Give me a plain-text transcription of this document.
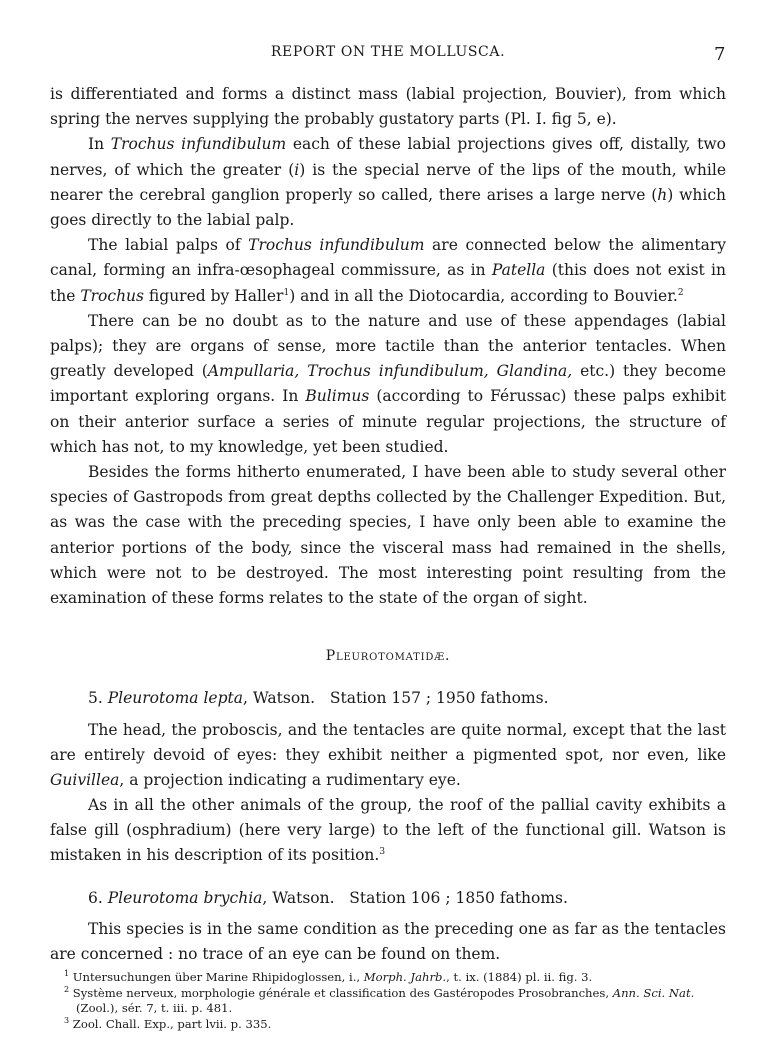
REPORT ON THE MOLLUSCA.	7

is differentiated and forms a distinct mass (labial projection, Bouvier), from which spring the nerves supplying the probably gustatory parts (Pl. I. fig 5, e).

In Trochus infundibulum each of these labial projections gives off, distally, two nerves, of which the greater (i) is the special nerve of the lips of the mouth, while nearer the cerebral ganglion properly so called, there arises a large nerve (h) which goes directly to the labial palp.

The labial palps of Trochus infundibulum are connected below the alimentary canal, forming an infra-œsophageal commissure, as in Patella (this does not exist in the Trochus figured by Haller$^1$) and in all the Diotocardia, according to Bouvier.$^2$

There can be no doubt as to the nature and use of these appendages (labial palps); they are organs of sense, more tactile than the anterior tentacles. When greatly developed (Ampullaria, Trochus infundibulum, Glandina, etc.) they become important exploring organs. In Bulimus (according to Férussac) these palps exhibit on their anterior surface a series of minute regular projections, the structure of which has not, to my knowledge, yet been studied.

Besides the forms hitherto enumerated, I have been able to study several other species of Gastropods from great depths collected by the Challenger Expedition. But, as was the case with the preceding species, I have only been able to examine the anterior portions of the body, since the visceral mass had remained in the shells, which were not to be destroyed. The most interesting point resulting from the examination of these forms relates to the state of the organ of sight.

Pleurotomatidæ.
5. Pleurotoma lepta, Watson.   Station 157 ; 1950 fathoms.

The head, the proboscis, and the tentacles are quite normal, except that the last are entirely devoid of eyes: they exhibit neither a pigmented spot, nor even, like Guivillea, a projection indicating a rudimentary eye.

As in all the other animals of the group, the roof of the pallial cavity exhibits a false gill (osphradium) (here very large) to the left of the functional gill. Watson is mistaken in his description of its position.$^3$

6. Pleurotoma brychia, Watson.   Station 106 ; 1850 fathoms.

This species is in the same condition as the preceding one as far as the tentacles are concerned : no trace of an eye can be found on them.

$^1$ Untersuchungen über Marine Rhipidoglossen, i., Morph. Jahrb., t. ix. (1884) pl. ii. fig. 3.
$^2$ Système nerveux, morphologie générale et classification des Gastéropodes Prosobranches, Ann. Sci. Nat. (Zool.), sér. 7, t. iii. p. 481.
$^3$ Zool. Chall. Exp., part lvii. p. 335.
